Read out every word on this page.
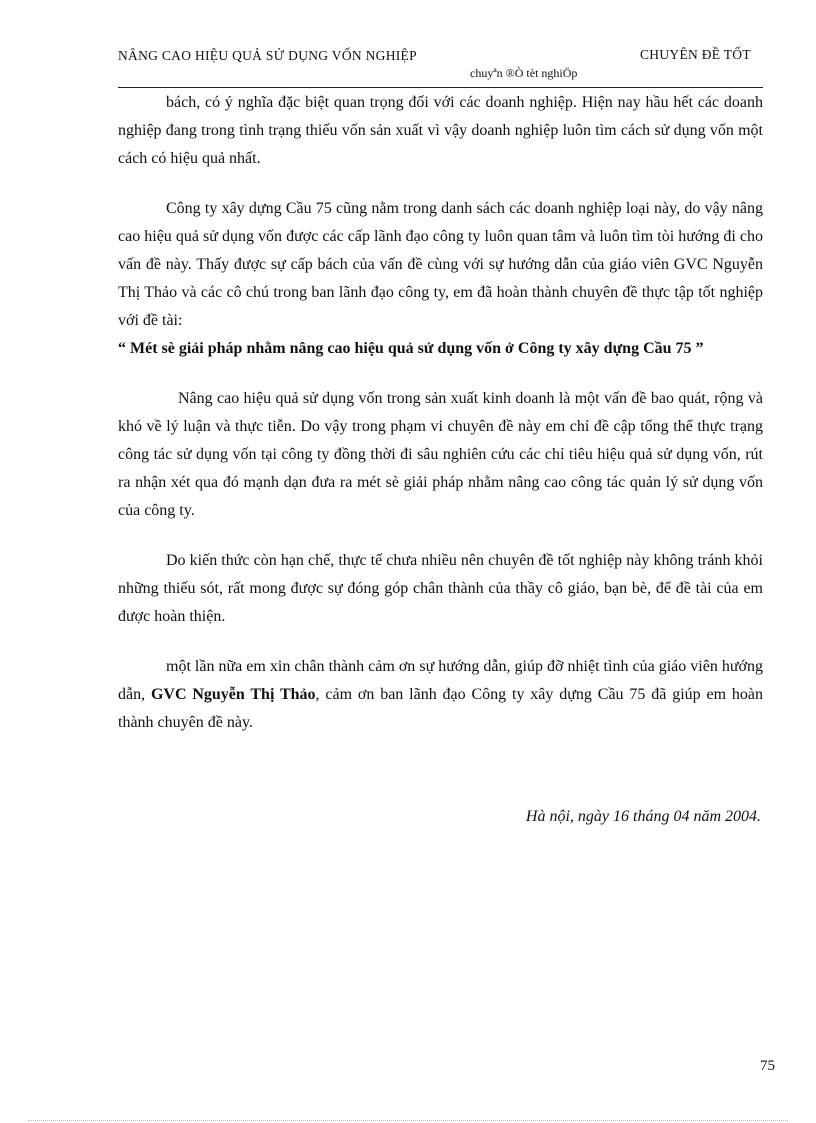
NÂNG CAO HIỆU QUẢ SỬ DỤNG VỐN NGHIỆP	CHUYÊN ĐỀ TỐT
chuyªn ®Ò tèt nghiÖp

bách, có ý nghĩa đặc biệt quan trọng đối với các doanh nghiệp. Hiện nay hầu hết các doanh nghiệp đang trong tình trạng thiếu vốn sản xuất vì vậy doanh nghiệp luôn tìm cách sử dụng vốn một cách có hiệu quả nhất.

Công ty xây dựng Cầu 75 cũng nằm trong danh sách các doanh nghiệp loại này, do vậy nâng cao hiệu quả sử dụng vốn được các cấp lãnh đạo công ty luôn quan tâm và luôn tìm tòi hướng đi cho vấn đề này. Thấy được sự cấp bách của vấn đề cùng với sự hướng dẫn của giáo viên GVC Nguyễn Thị Thảo và các cô chú trong ban lãnh đạo công ty, em đã hoàn thành chuyên đề thực tập tốt nghiệp với đề tài:

“ Mét sè giải pháp nhằm nâng cao hiệu quả sử dụng vốn ở Công ty xây dựng Cầu 75 ”

Nâng cao hiệu quả sử dụng vốn trong sản xuất kinh doanh là một vấn đề bao quát, rộng và khó về lý luận và thực tiễn. Do vậy trong phạm vi chuyên đề này em chỉ đề cập tổng thể thực trạng công tác sử dụng vốn tại công ty đồng thời đi sâu nghiên cứu các chỉ tiêu hiệu quả sử dụng vốn, rút ra nhận xét qua đó mạnh dạn đưa ra mét sè giải pháp nhằm nâng cao công tác quản lý sử dụng vốn của công ty.

Do kiến thức còn hạn chế, thực tế chưa nhiều nên chuyên đề tốt nghiệp này không tránh khỏi những thiếu sót, rất mong được sự đóng góp chân thành của thầy cô giáo, bạn bè, để đề tài của em được hoàn thiện.

một lần nữa em xin chân thành cảm ơn sự hướng dẫn, giúp đỡ nhiệt tình của giáo viên hướng dẫn, GVC Nguyễn Thị Thảo, cảm ơn ban lãnh đạo Công ty xây dựng Cầu 75 đã giúp em hoàn thành chuyên đề này.

Hà nội, ngày 16 tháng 04 năm 2004.
75
